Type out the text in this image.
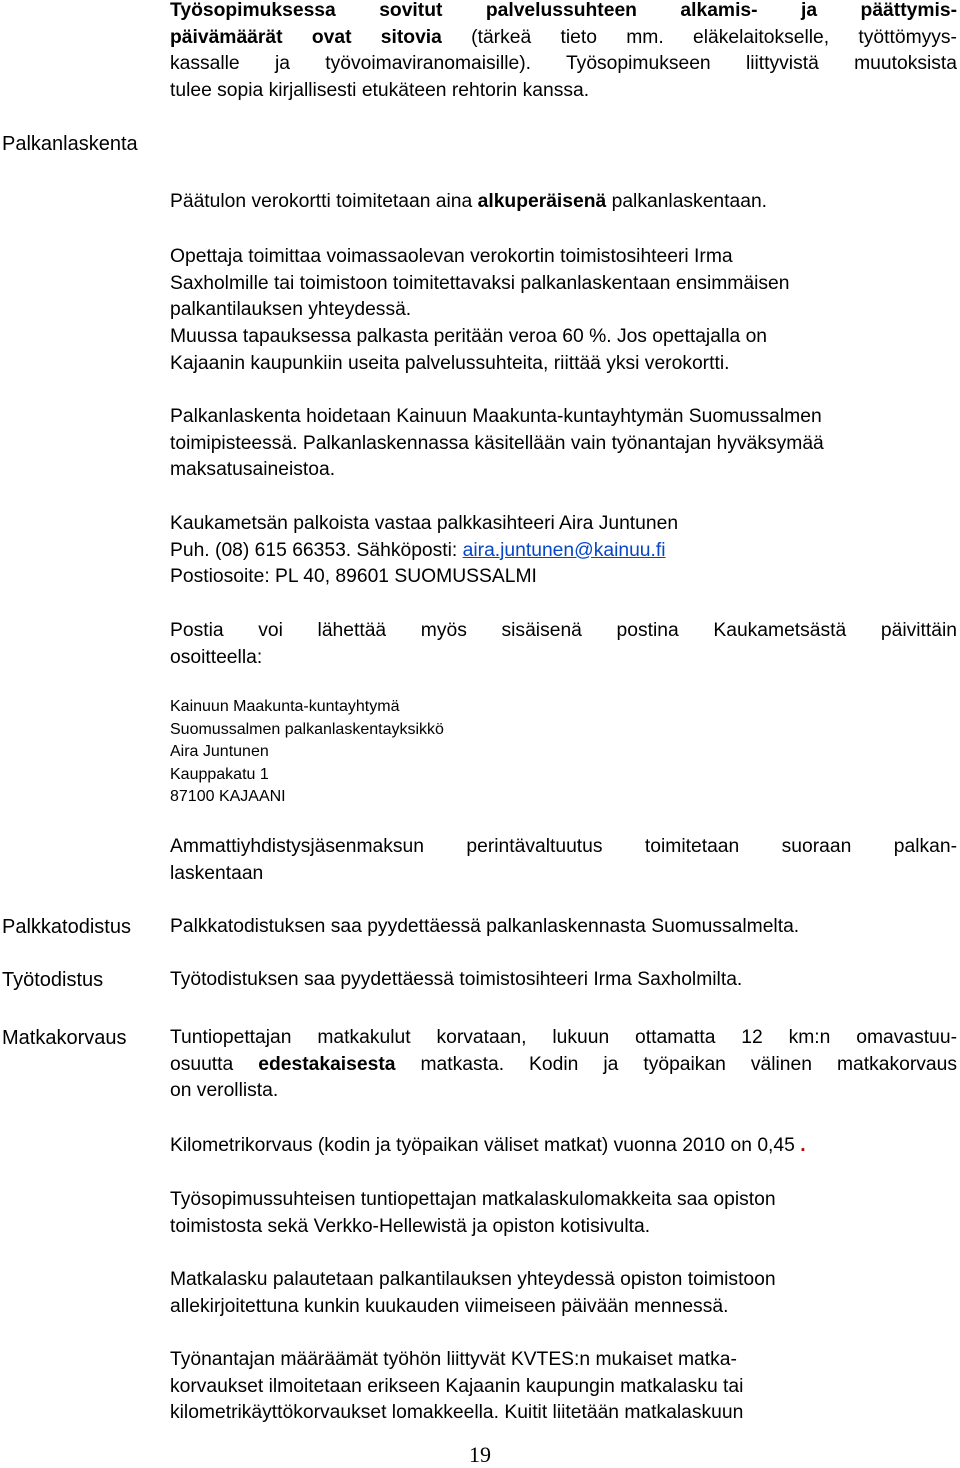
Palkanlaskenta
Palkkatodistus
Työtodistus
Matkakorvaus
Työsopimuksessa sovitut palvelussuhteen alkamis- ja päättymis-
päivämäärät ovat sitovia (tärkeä tieto mm. eläkelaitokselle, työttömyys-
kassalle ja työvoimaviranomaisille). Työsopimukseen liittyvistä muutoksista
tulee sopia kirjallisesti etukäteen rehtorin kanssa.
Päätulon verokortti toimitetaan aina alkuperäisenä palkanlaskentaan.
Opettaja toimittaa voimassaolevan verokortin toimistosihteeri Irma
Saxholmille tai toimistoon toimitettavaksi palkanlaskentaan ensimmäisen
palkantilauksen yhteydessä.
Muussa tapauksessa palkasta peritään veroa 60 %. Jos opettajalla on
Kajaanin kaupunkiin useita palvelussuhteita, riittää yksi verokortti.
Palkanlaskenta hoidetaan Kainuun Maakunta-kuntayhtymän Suomussalmen
toimipisteessä. Palkanlaskennassa käsitellään vain työnantajan hyväksymää
maksatusaineistoa.
Kaukametsän palkoista vastaa palkkasihteeri Aira Juntunen
Puh. (08) 615 66353. Sähköposti: aira.juntunen@kainuu.fi
Postiosoite: PL 40, 89601 SUOMUSSALMI
Postia voi lähettää myös sisäisenä postina Kaukametsästä päivittäin
osoitteella:
Kainuun Maakunta-kuntayhtymä
Suomussalmen palkanlaskentayksikkö
Aira Juntunen
Kauppakatu 1
87100 KAJAANI
Ammattiyhdistysjäsenmaksun perintävaltuutus toimitetaan suoraan palkan-
laskentaan
Palkkatodistuksen saa pyydettäessä palkanlaskennasta Suomussalmelta.
Työtodistuksen saa pyydettäessä toimistosihteeri Irma Saxholmilta.
Tuntiopettajan matkakulut korvataan, lukuun ottamatta 12 km:n omavastuu-
osuutta edestakaisesta matkasta. Kodin ja työpaikan välinen matkakorvaus
on verollista.
Kilometrikorvaus (kodin ja työpaikan väliset matkat) vuonna 2010 on 0,45 .
Työsopimussuhteisen tuntiopettajan matkalaskulomakkeita saa opiston
toimistosta sekä Verkko-Hellewistä ja opiston kotisivulta.
Matkalasku palautetaan palkantilauksen yhteydessä opiston toimistoon
allekirjoitettuna kunkin kuukauden viimeiseen päivään mennessä.
Työnantajan määräämät työhön liittyvät KVTES:n mukaiset matka-
korvaukset ilmoitetaan erikseen Kajaanin kaupungin matkalasku tai
kilometrikäyttökorvaukset lomakkeella. Kuitit liitetään matkalaskuun
19
